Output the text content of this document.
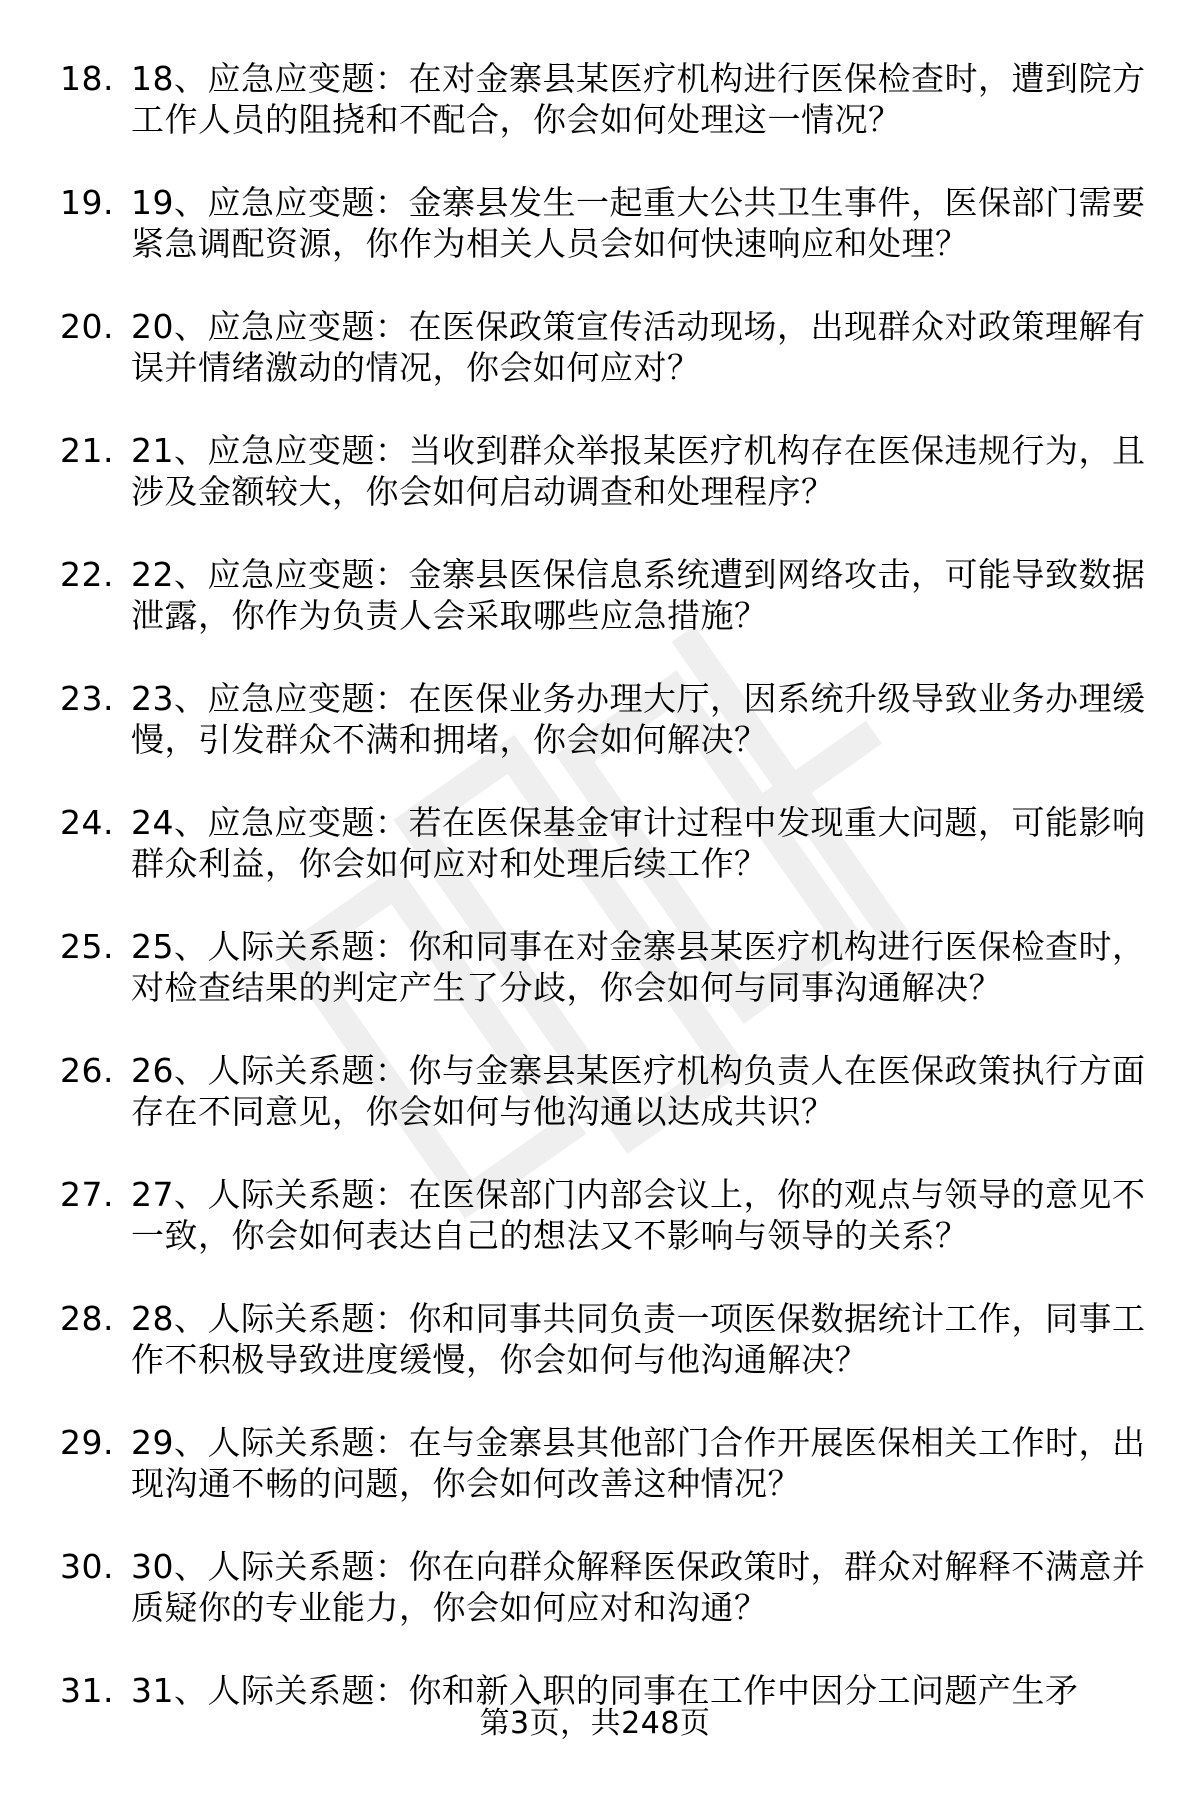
18. 18、应急应变题：在对金寨县某医疗机构进行医保检查时，遭到院方工作人员的阻挠和不配合，你会如何处理这一情况？
19. 19、应急应变题：金寨县发生一起重大公共卫生事件，医保部门需要紧急调配资源，你作为相关人员会如何快速响应和处理？
20. 20、应急应变题：在医保政策宣传活动现场，出现群众对政策理解有误并情绪激动的情况，你会如何应对？
21. 21、应急应变题：当收到群众举报某医疗机构存在医保违规行为，且涉及金额较大，你会如何启动调查和处理程序？
22. 22、应急应变题：金寨县医保信息系统遭到网络攻击，可能导致数据泄露，你作为负责人会采取哪些应急措施？
23. 23、应急应变题：在医保业务办理大厅，因系统升级导致业务办理缓慢，引发群众不满和拥堵，你会如何解决？
24. 24、应急应变题：若在医保基金审计过程中发现重大问题，可能影响群众利益，你会如何应对和处理后续工作？
25. 25、人际关系题：你和同事在对金寨县某医疗机构进行医保检查时，对检查结果的判定产生了分歧，你会如何与同事沟通解决？
26. 26、人际关系题：你与金寨县某医疗机构负责人在医保政策执行方面存在不同意见，你会如何与他沟通以达成共识？
27. 27、人际关系题：在医保部门内部会议上，你的观点与领导的意见不一致，你会如何表达自己的想法又不影响与领导的关系？
28. 28、人际关系题：你和同事共同负责一项医保数据统计工作，同事工作不积极导致进度缓慢，你会如何与他沟通解决？
29. 29、人际关系题：在与金寨县其他部门合作开展医保相关工作时，出现沟通不畅的问题，你会如何改善这种情况？
30. 30、人际关系题：你在向群众解释医保政策时，群众对解释不满意并质疑你的专业能力，你会如何应对和沟通？
31. 31、人际关系题：你和新入职的同事在工作中因分工问题产生矛
第3页，共248页
